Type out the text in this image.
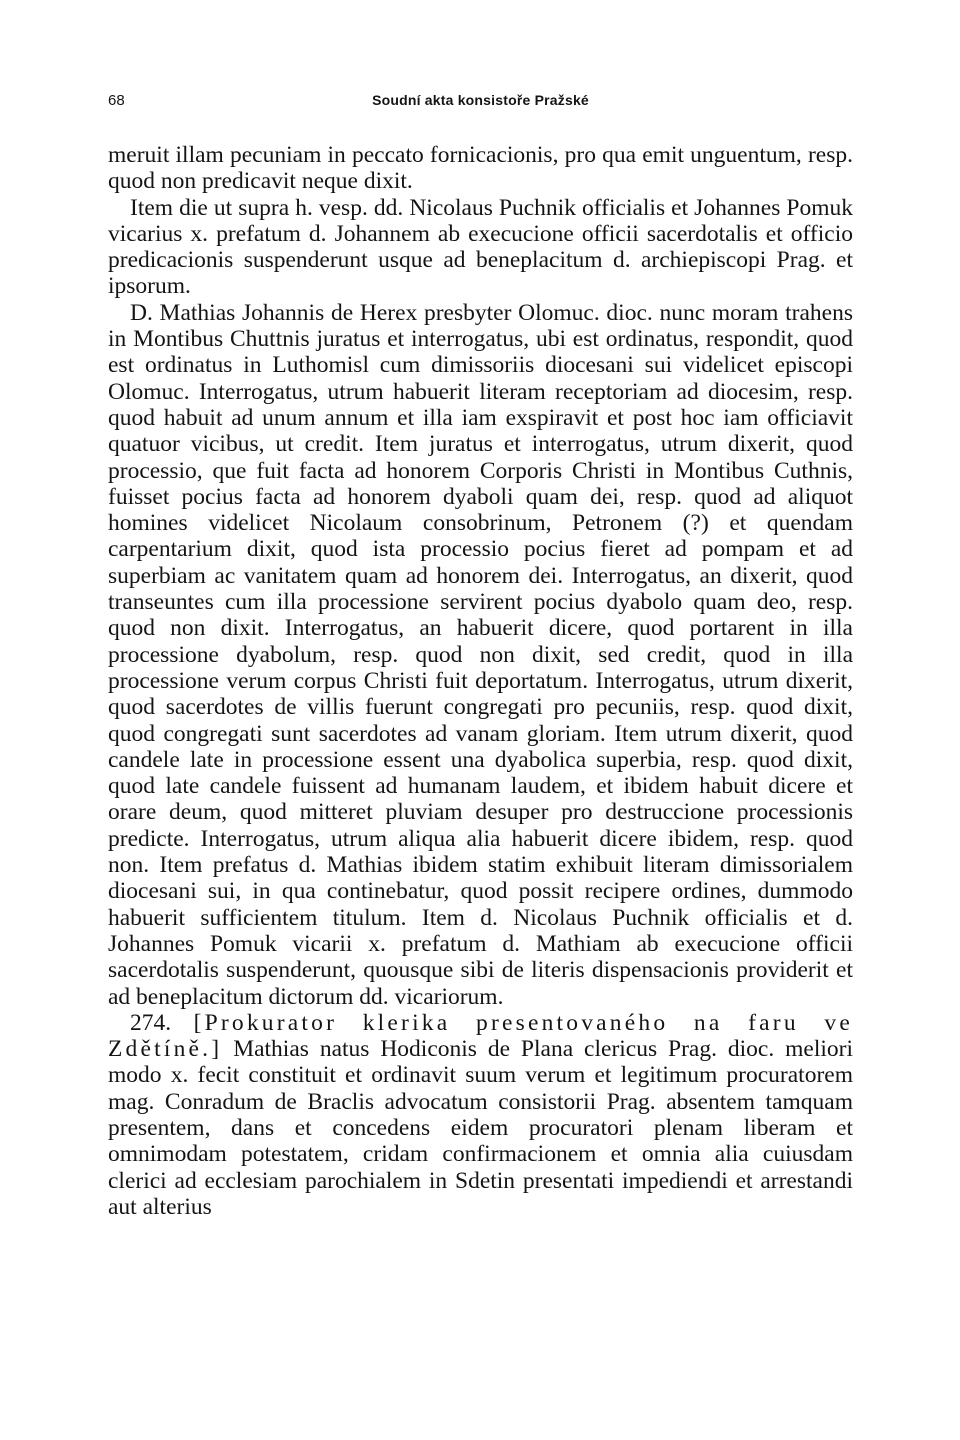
68	Soudní akta konsistoře Pražské

meruit illam pecuniam in peccato fornicacionis, pro qua emit unguentum, resp. quod non predicavit neque dixit.

Item die ut supra h. vesp. dd. Nicolaus Puchnik officialis et Johannes Pomuk vicarius x. prefatum d. Johannem ab execucione officii sacerdotalis et officio predicacionis suspenderunt usque ad beneplacitum d. archiepiscopi Prag. et ipsorum.

D. Mathias Johannis de Herex presbyter Olomuc. dioc. nunc moram trahens in Montibus Chuttnis juratus et interrogatus, ubi est ordinatus, respondit, quod est ordinatus in Luthomisl cum dimissoriis diocesani sui videlicet episcopi Olomuc. Interrogatus, utrum habuerit literam receptoriam ad diocesim, resp. quod habuit ad unum annum et illa iam exspiravit et post hoc iam officiavit quatuor vicibus, ut credit. Item juratus et interrogatus, utrum dixerit, quod processio, que fuit facta ad honorem Corporis Christi in Montibus Cuthnis, fuisset pocius facta ad honorem dyaboli quam dei, resp. quod ad aliquot homines videlicet Nicolaum consobrinum, Petronem (?) et quendam carpentarium dixit, quod ista processio pocius fieret ad pompam et ad superbiam ac vanitatem quam ad honorem dei. Interrogatus, an dixerit, quod transeuntes cum illa processione servirent pocius dyabolo quam deo, resp. quod non dixit. Interrogatus, an habuerit dicere, quod portarent in illa processione dyabolum, resp. quod non dixit, sed credit, quod in illa processione verum corpus Christi fuit deportatum. Interrogatus, utrum dixerit, quod sacerdotes de villis fuerunt congregati pro pecuniis, resp. quod dixit, quod congregati sunt sacerdotes ad vanam gloriam. Item utrum dixerit, quod candele late in processione essent una dyabolica superbia, resp. quod dixit, quod late candele fuissent ad humanam laudem, et ibidem habuit dicere et orare deum, quod mitteret pluviam desuper pro destruccione processionis predicte. Interrogatus, utrum aliqua alia habuerit dicere ibidem, resp. quod non. Item prefatus d. Mathias ibidem statim exhibuit literam dimissorialem diocesani sui, in qua continebatur, quod possit recipere ordines, dummodo habuerit sufficientem titulum. Item d. Nicolaus Puchnik officialis et d. Johannes Pomuk vicarii x. prefatum d. Mathiam ab execucione officii sacerdotalis suspenderunt, quousque sibi de literis dispensacionis providerit et ad beneplacitum dictorum dd. vicariorum.

274. [Prokurator klerika presentovaného na faru ve Zdětíně.] Mathias natus Hodiconis de Plana clericus Prag. dioc. meliori modo x. fecit constituit et ordinavit suum verum et legitimum procuratorem mag. Conradum de Braclis advocatum consistorii Prag. absentem tamquam presentem, dans et concedens eidem procuratori plenam liberam et omnimodam potestatem, cridam confirmacionem et omnia alia cuiusdam clerici ad ecclesiam parochialem in Sdetin presentati impediendi et arrestandi aut alterius
